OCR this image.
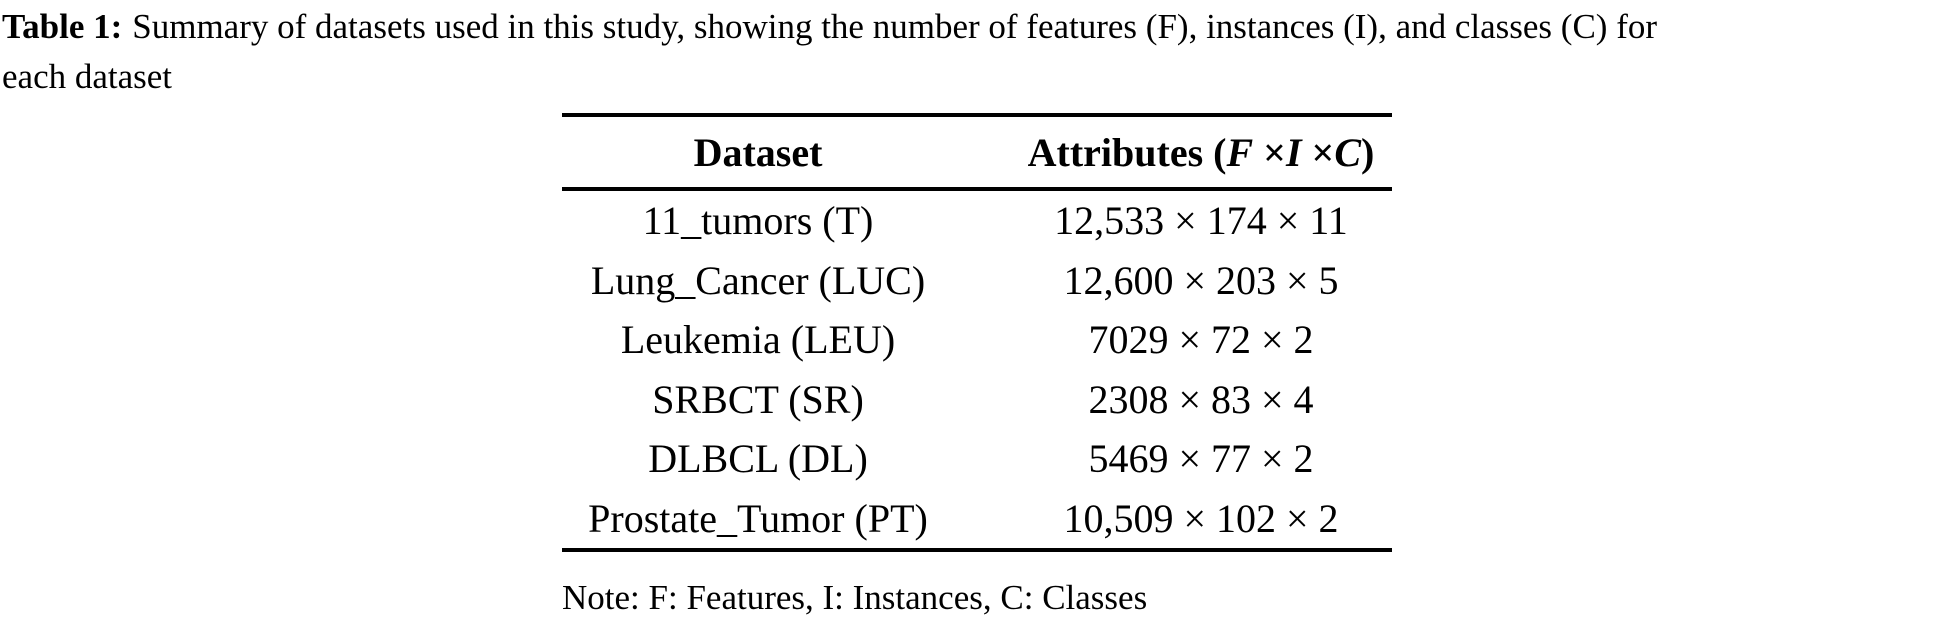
Table 1: Summary of datasets used in this study, showing the number of features (F), instances (I), and classes (C) for
each dataset
Dataset	Attributes (F ×I ×C)
11_tumors (T)	12,533 × 174 × 11
Lung_Cancer (LUC)	12,600 × 203 × 5
Leukemia (LEU)	7029 × 72 × 2
SRBCT (SR)	2308 × 83 × 4
DLBCL (DL)	5469 × 77 × 2
Prostate_Tumor (PT)	10,509 × 102 × 2
Note: F: Features, I: Instances, C: Classes
